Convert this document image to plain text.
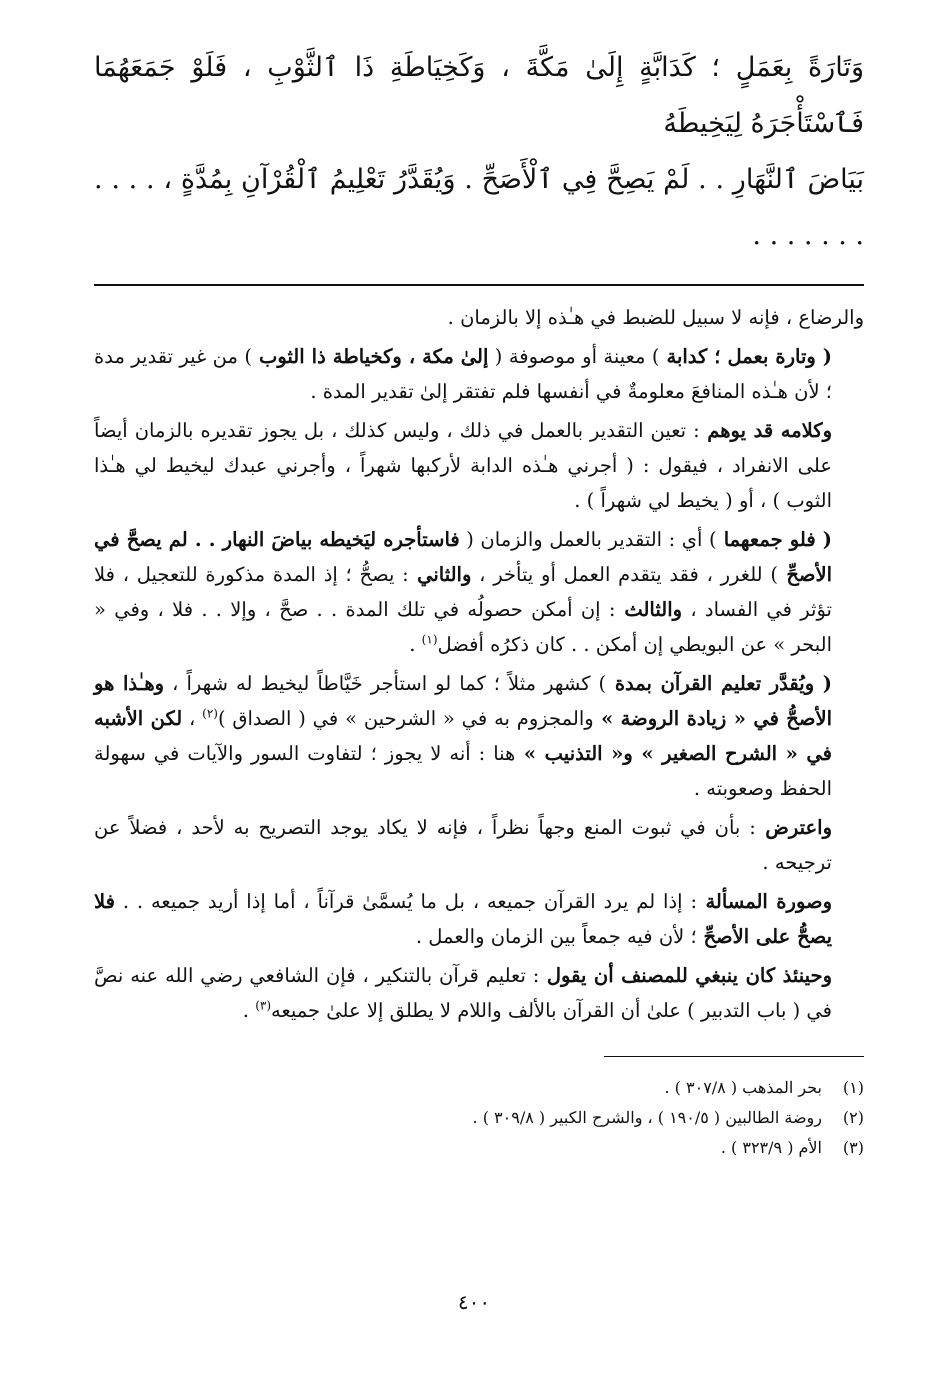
وَتَارَةً بِعَمَلٍ ؛ كَدَابَّةٍ إِلَىٰ مَكَّةَ ، وَكَخِيَاطَةِ ذَا ٱلثَّوْبِ ، فَلَوْ جَمَعَهُمَا فَٱسْتَأْجَرَهُ لِيَخِيطَهُ

بَيَاضَ ٱلنَّهَارِ . . لَمْ يَصِحَّ فِي ٱلْأَصَحِّ . وَيُقَدَّرُ تَعْلِيمُ ٱلْقُرْآنِ بِمُدَّةٍ ، . . . . . . . . . . .

والرضاع ، فإنه لا سبيل للضبط في هـٰذه إلا بالزمان .

( وتارة بعمل ؛ كدابة ) معينة أو موصوفة ( إلىٰ مكة ، وكخياطة ذا الثوب ) من غير تقدير مدة ؛ لأن هـٰذه المنافعَ معلومةٌ في أنفسها فلم تفتقر إلىٰ تقدير المدة .

وكلامه قد يوهم : تعين التقدير بالعمل في ذلك ، وليس كذلك ، بل يجوز تقديره بالزمان أيضاً على الانفراد ، فيقول : ( أجرني هـٰذه الدابة لأركبها شهراً ، وأجرني عبدك ليخيط لي هـٰذا الثوب ) ، أو ( يخيط لي شهراً ) .

( فلو جمعهما ) أي : التقدير بالعمل والزمان ( فاستأجره ليَخيطه بياضَ النهار . . لم يصحَّ في الأصحِّ ) للغرر ، فقد يتقدم العمل أو يتأخر ، والثاني : يصحُّ ؛ إذ المدة مذكورة للتعجيل ، فلا تؤثر في الفساد ، والثالث : إن أمكن حصولُه في تلك المدة . . صحَّ ، وإلا . . فلا ، وفي « البحر » عن البويطي إن أمكن . . كان ذكرُه أفضل$^{(١)}$ .

( ويُقدَّر تعليم القرآن بمدة ) كشهر مثلاً ؛ كما لو استأجر خَيَّاطاً ليخيط له شهراً ، وهـٰذا هو الأصحُّ في « زيادة الروضة » والمجزوم به في « الشرحين » في ( الصداق )$^{(٢)}$ ، لكن الأشبه في « الشرح الصغير » و« التذنيب » هنا : أنه لا يجوز ؛ لتفاوت السور والآيات في سهولة الحفظ وصعوبته .

واعترض : بأن في ثبوت المنع وجهاً نظراً ، فإنه لا يكاد يوجد التصريح به لأحد ، فضلاً عن ترجيحه .

وصورة المسألة : إذا لم يرد القرآن جميعه ، بل ما يُسمَّىٰ قرآناً ، أما إذا أريد جميعه . . فلا يصحُّ على الأصحِّ ؛ لأن فيه جمعاً بين الزمان والعمل .

وحينئذ كان ينبغي للمصنف أن يقول : تعليم قرآن بالتنكير ، فإن الشافعي رضي الله عنه نصَّ في ( باب التدبير ) علىٰ أن القرآن بالألف واللام لا يطلق إلا علىٰ جميعه$^{(٣)}$ .

(١)
بحر المذهب ( ٣٠٧/٨ ) .
(٢)
روضة الطالبين ( ١٩٠/٥ ) ، والشرح الكبير ( ٣٠٩/٨ ) .
(٣)
الأم ( ٣٢٣/٩ ) .
٤٠٠
